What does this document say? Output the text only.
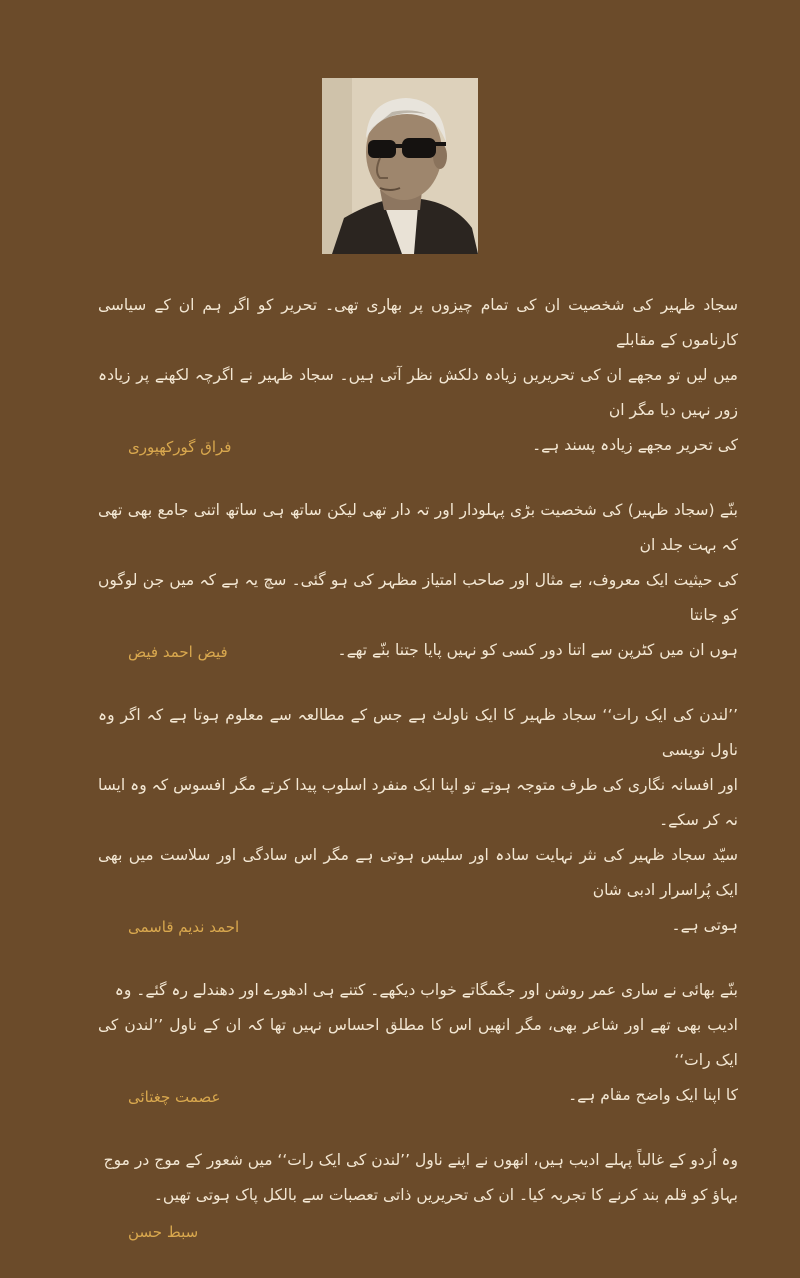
سجاد ظہیر کی شخصیت ان کی تمام چیزوں پر بھاری تھی۔ تحریر کو اگر ہم ان کے سیاسی کارناموں کے مقابلے

میں لیں تو مجھے ان کی تحریریں زیادہ دلکش نظر آتی ہیں۔ سجاد ظہیر نے اگرچہ لکھنے پر زیادہ زور نہیں دیا مگر ان

کی تحریر مجھے زیادہ پسند ہے۔

فراق گورکھپوری

بنّے (سجاد ظہیر) کی شخصیت بڑی پہلودار اور تہ دار تھی لیکن ساتھ ہی ساتھ اتنی جامع بھی تھی کہ بہت جلد ان

کی حیثیت ایک معروف، بے مثال اور صاحب امتیاز مظہر کی ہو گئی۔ سچ یہ ہے کہ میں جن لوگوں کو جانتا

ہوں ان میں کٹرپن سے اتنا دور کسی کو نہیں پایا جتنا بنّے تھے۔

فیض احمد فیض

’’لندن کی ایک رات‘‘ سجاد ظہیر کا ایک ناولٹ ہے جس کے مطالعہ سے معلوم ہوتا ہے کہ اگر وہ ناول نویسی

اور افسانہ نگاری کی طرف متوجہ ہوتے تو اپنا ایک منفرد اسلوب پیدا کرتے مگر افسوس کہ وہ ایسا نہ کر سکے۔

سیّد سجاد ظہیر کی نثر نہایت سادہ اور سلیس ہوتی ہے مگر اس سادگی اور سلاست میں بھی ایک پُراسرار ادبی شان

ہوتی ہے۔

احمد ندیم قاسمی

بنّے بھائی نے ساری عمر روشن اور جگمگاتے خواب دیکھے۔ کتنے ہی ادھورے اور دھندلے رہ گئے۔ وہ

ادیب بھی تھے اور شاعر بھی، مگر انھیں اس کا مطلق احساس نہیں تھا کہ ان کے ناول ’’لندن کی ایک رات‘‘

کا اپنا ایک واضح مقام ہے۔

عصمت چغتائی

وہ اُردو کے غالباً پہلے ادیب ہیں، انھوں نے اپنے ناول ’’لندن کی ایک رات‘‘ میں شعور کے موج در موج

بہاؤ کو قلم بند کرنے کا تجربہ کیا۔ ان کی تحریریں ذاتی تعصبات سے بالکل پاک ہوتی تھیں۔

سبط حسن
